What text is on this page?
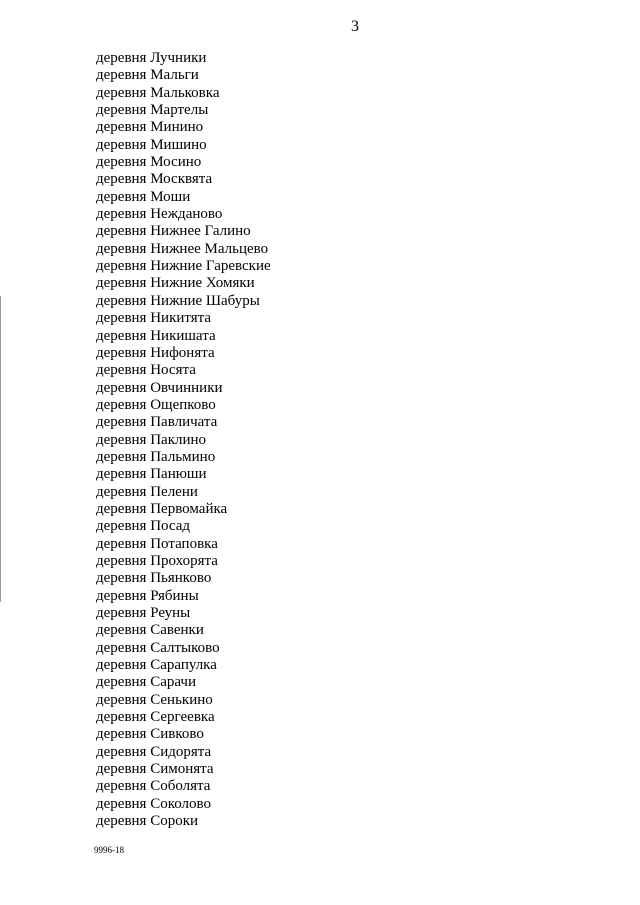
3
деревня Лучники
деревня Мальги
деревня Мальковка
деревня Мартелы
деревня Минино
деревня Мишино
деревня Мосино
деревня Москвята
деревня Моши
деревня Нежданово
деревня Нижнее Галино
деревня Нижнее Мальцево
деревня Нижние Гаревские
деревня Нижние Хомяки
деревня Нижние Шабуры
деревня Никитята
деревня Никишата
деревня Нифонята
деревня Носята
деревня Овчинники
деревня Ощепково
деревня Павличата
деревня Паклино
деревня Пальмино
деревня Панюши
деревня Пелени
деревня Первомайка
деревня Посад
деревня Потаповка
деревня Прохорята
деревня Пьянково
деревня Рябины
деревня Реуны
деревня Савенки
деревня Салтыково
деревня Сарапулка
деревня Сарачи
деревня Сенькино
деревня Сергеевка
деревня Сивково
деревня Сидорята
деревня Симонята
деревня Соболята
деревня Соколово
деревня Сороки
9996-18
